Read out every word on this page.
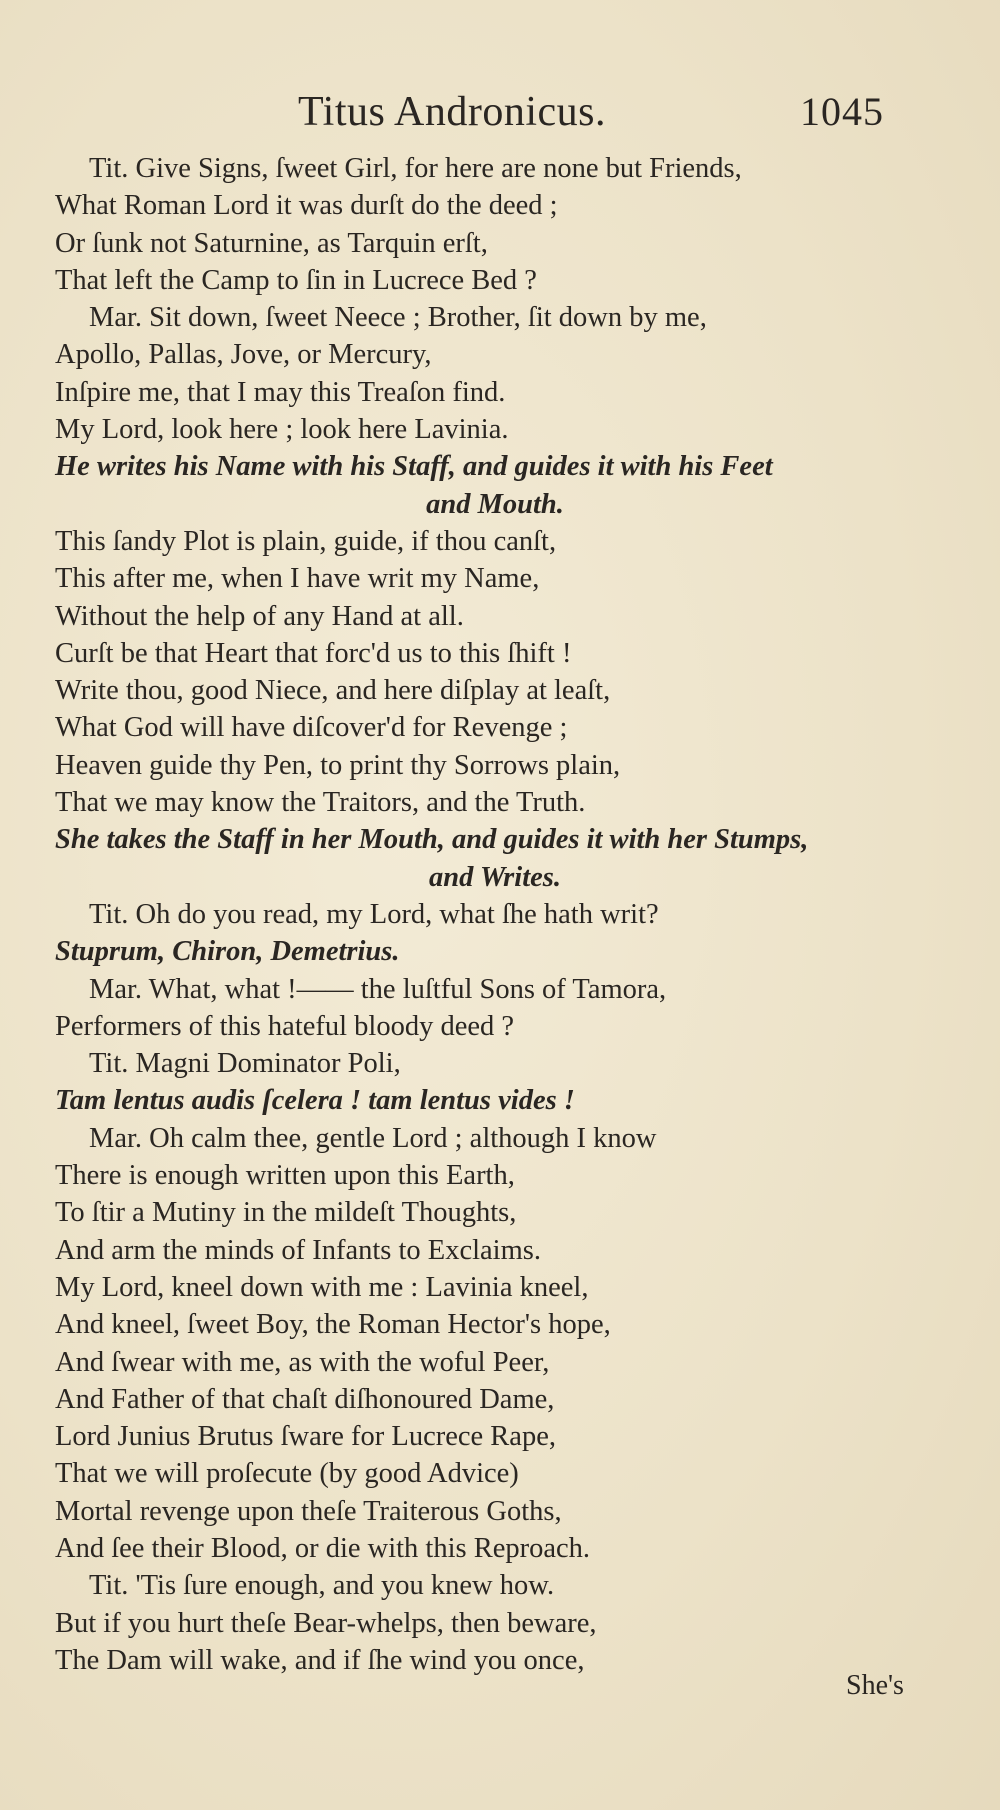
Titus Andronicus.	1045
Tit. Give Signs, ſweet Girl, for here are none but Friends,
What Roman Lord it was durſt do the deed ;
Or ſunk not Saturnine, as Tarquin erſt,
That left the Camp to ſin in Lucrece Bed ?
Mar. Sit down, ſweet Neece ; Brother, ſit down by me,
Apollo, Pallas, Jove, or Mercury,
Inſpire me, that I may this Treaſon find.
My Lord, look here ; look here Lavinia.
He writes his Name with his Staff, and guides it with his Feet
and Mouth.
This ſandy Plot is plain, guide, if thou canſt,
This after me, when I have writ my Name,
Without the help of any Hand at all.
Curſt be that Heart that forc'd us to this ſhift !
Write thou, good Niece, and here diſplay at leaſt,
What God will have diſcover'd for Revenge ;
Heaven guide thy Pen, to print thy Sorrows plain,
That we may know the Traitors, and the Truth.
She takes the Staff in her Mouth, and guides it with her Stumps,
and Writes.
Tit. Oh do you read, my Lord, what ſhe hath writ?
Stuprum, Chiron, Demetrius.
Mar. What, what !—— the luſtful Sons of Tamora,
Performers of this hateful bloody deed ?
Tit. Magni Dominator Poli,
Tam lentus audis ſcelera ! tam lentus vides !
Mar. Oh calm thee, gentle Lord ; although I know
There is enough written upon this Earth,
To ſtir a Mutiny in the mildeſt Thoughts,
And arm the minds of Infants to Exclaims.
My Lord, kneel down with me : Lavinia kneel,
And kneel, ſweet Boy, the Roman Hector's hope,
And ſwear with me, as with the woful Peer,
And Father of that chaſt diſhonoured Dame,
Lord Junius Brutus ſware for Lucrece Rape,
That we will proſecute (by good Advice)
Mortal revenge upon theſe Traiterous Goths,
And ſee their Blood, or die with this Reproach.
Tit. 'Tis ſure enough, and you knew how.
But if you hurt theſe Bear-whelps, then beware,
The Dam will wake, and if ſhe wind you once,
She's
